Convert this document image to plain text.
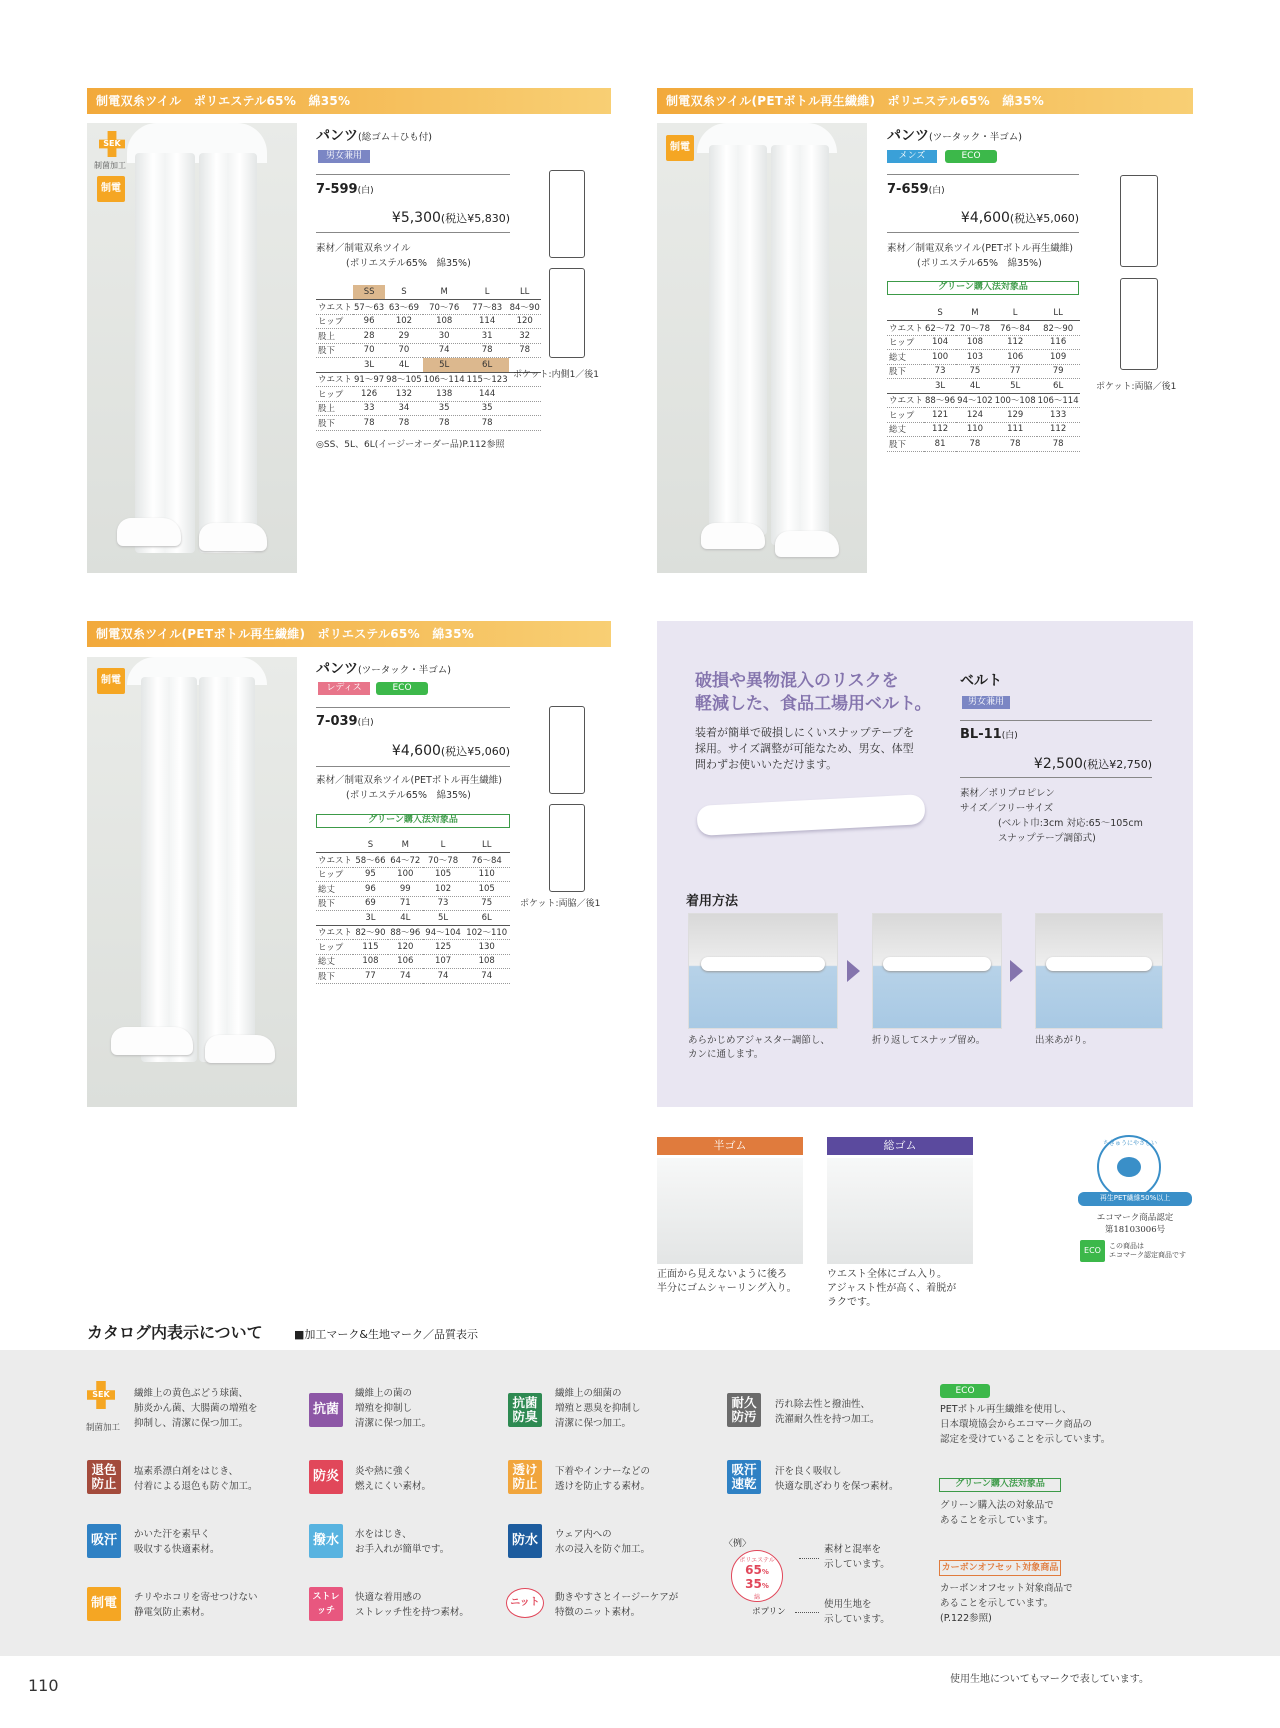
制電双糸ツイル　ポリエステル65%　綿35%
SEK
制菌加工
制電
パンツ(総ゴム＋ひも付)
男女兼用
7-599(白)
¥5,300(税込¥5,830)
素材／制電双糸ツイル
(ポリエステル65%　綿35%)
	SS	S	M	L	LL
ウエスト	57〜63	63〜69	70〜76	77〜83	84〜90
ヒップ	96	102	108	114	120
股上	28	29	30	31	32
股下	70	70	74	78	78
	3L	4L	5L	6L	
ウエスト	91〜97	98〜105	106〜114	115〜123	
ヒップ	126	132	138	144	
股上	33	34	35	35	
股下	78	78	78	78	
◎SS、5L、6L(イージーオーダー品)P.112参照
ポケット:内側1／後1
制電双糸ツイル(PETボトル再生繊維)　ポリエステル65%　綿35%
制電
パンツ(ツータック・半ゴム)
メンズ	ECO
7-659(白)
¥4,600(税込¥5,060)
素材／制電双糸ツイル(PETボトル再生繊維)
(ポリエステル65%　綿35%)
グリーン購入法対象品
	S	M	L	LL
ウエスト	62〜72	70〜78	76〜84	82〜90
ヒップ	104	108	112	116
総丈	100	103	106	109
股下	73	75	77	79
	3L	4L	5L	6L
ウエスト	88〜96	94〜102	100〜108	106〜114
ヒップ	121	124	129	133
総丈	112	110	111	112
股下	81	78	78	78
ポケット:両脇／後1
制電双糸ツイル(PETボトル再生繊維)　ポリエステル65%　綿35%
制電
パンツ(ツータック・半ゴム)
レディス	ECO
7-039(白)
¥4,600(税込¥5,060)
素材／制電双糸ツイル(PETボトル再生繊維)
(ポリエステル65%　綿35%)
グリーン購入法対象品
	S	M	L	LL
ウエスト	58〜66	64〜72	70〜78	76〜84
ヒップ	95	100	105	110
総丈	96	99	102	105
股下	69	71	73	75
	3L	4L	5L	6L
ウエスト	82〜90	88〜96	94〜104	102〜110
ヒップ	115	120	125	130
総丈	108	106	107	108
股下	77	74	74	74
ポケット:両脇／後1
破損や異物混入のリスクを
軽減した、食品工場用ベルト。
装着が簡単で破損しにくいスナップテープを
採用。サイズ調整が可能なため、男女、体型
問わずお使いいただけます。
ベルト
男女兼用
BL-11(白)
¥2,500(税込¥2,750)
素材／ポリプロピレン
サイズ／フリーサイズ
(ベルト巾:3cm 対応:65〜105cm
スナップテープ調節式)
着用方法
あらかじめアジャスター調節し、
カンに通します。
折り返してスナップ留め。	出来あがり。
半ゴム
正面から見えないように後ろ
半分にゴムシャーリング入り。
総ゴム
ウエスト全体にゴム入り。
アジャスト性が高く、着脱が
ラクです。
ちきゅうにやさしい
再生PET繊維50%以上
エコマーク商品認定
第18103006号
ECO	この商品は
エコマーク認定商品です
カタログ内表示について	■加工マーク&生地マーク／品質表示
SEK
制菌加工
繊維上の黄色ぶどう球菌、
肺炎かん菌、大腸菌の増殖を
抑制し、清潔に保つ加工。
退色
防止
塩素系漂白剤をはじき、
付着による退色も防ぐ加工。
吸汗	かいた汗を素早く
吸収する快適素材。
制電	チリやホコリを寄せつけない
静電気防止素材。
抗菌
繊維上の菌の
増殖を抑制し
清潔に保つ加工。
防炎	炎や熱に強く
燃えにくい素材。
撥水	水をはじき、
お手入れが簡単です。
ストレッチ
快適な着用感の
ストレッチ性を持つ素材。
抗菌
防臭
繊維上の細菌の
増殖と悪臭を抑制し
清潔に保つ加工。
透け
防止
下着やインナーなどの
透けを防止する素材。
防水	ウェア内への
水の浸入を防ぐ加工。
ニット	動きやすさとイージーケアが
特徴のニット素材。
耐久
防汚
汚れ除去性と撥油性、
洗濯耐久性を持つ加工。
吸汗
速乾
汗を良く吸収し
快適な肌ざわりを保つ素材。
〈例〉
ポリエステル
65%
35%
綿
ポプリン
素材と混率を
示しています。
使用生地を
示しています。
ECO
PETボトル再生繊維を使用し、
日本環境協会からエコマーク商品の
認定を受けていることを示しています。
グリーン購入法対象品
グリーン購入法の対象品で
あることを示しています。
カーボンオフセット対象商品
カーボンオフセット対象商品で
あることを示しています。
(P.122参照)
110	使用生地についてもマークで表しています。
